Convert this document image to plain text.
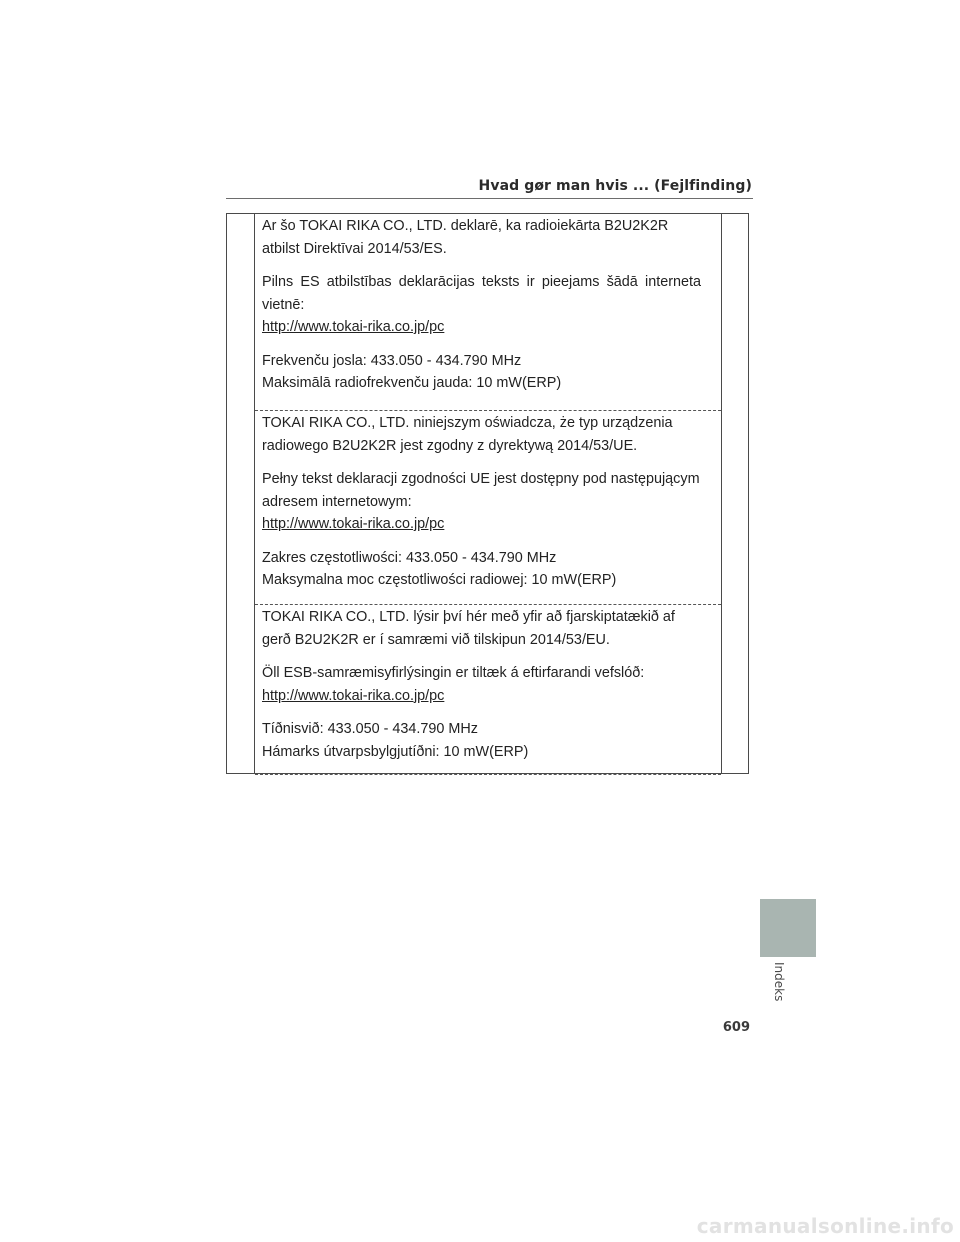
Hvad gør man hvis ... (Fejlfinding)

Ar šo TOKAI RIKA CO., LTD. deklarē, ka radioiekārta B2U2K2R atbilst Direktīvai 2014/53/ES.

Pilns ES atbilstības deklarācijas teksts ir pieejams šādā interneta vietnē:

http://www.tokai-rika.co.jp/pc

Frekvenču josla: 433.050 - 434.790 MHz

Maksimālā radiofrekvenču jauda: 10 mW(ERP)

TOKAI RIKA CO., LTD. niniejszym oświadcza, że typ urządzenia radiowego B2U2K2R jest zgodny z dyrektywą 2014/53/UE.

Pełny tekst deklaracji zgodności UE jest dostępny pod następującym adresem internetowym:

http://www.tokai-rika.co.jp/pc

Zakres częstotliwości: 433.050 - 434.790 MHz

Maksymalna moc częstotliwości radiowej: 10 mW(ERP)

TOKAI RIKA CO., LTD. lýsir því hér með yfir að fjarskiptatækið af gerð B2U2K2R er í samræmi við tilskipun 2014/53/EU.

Öll ESB-samræmisyfirlýsingin er tiltæk á eftirfarandi vefslóð:

http://www.tokai-rika.co.jp/pc

Tíðnisvið: 433.050 - 434.790 MHz

Hámarks útvarpsbylgjutíðni: 10 mW(ERP)

Indeks
609
carmanualsonline.info
